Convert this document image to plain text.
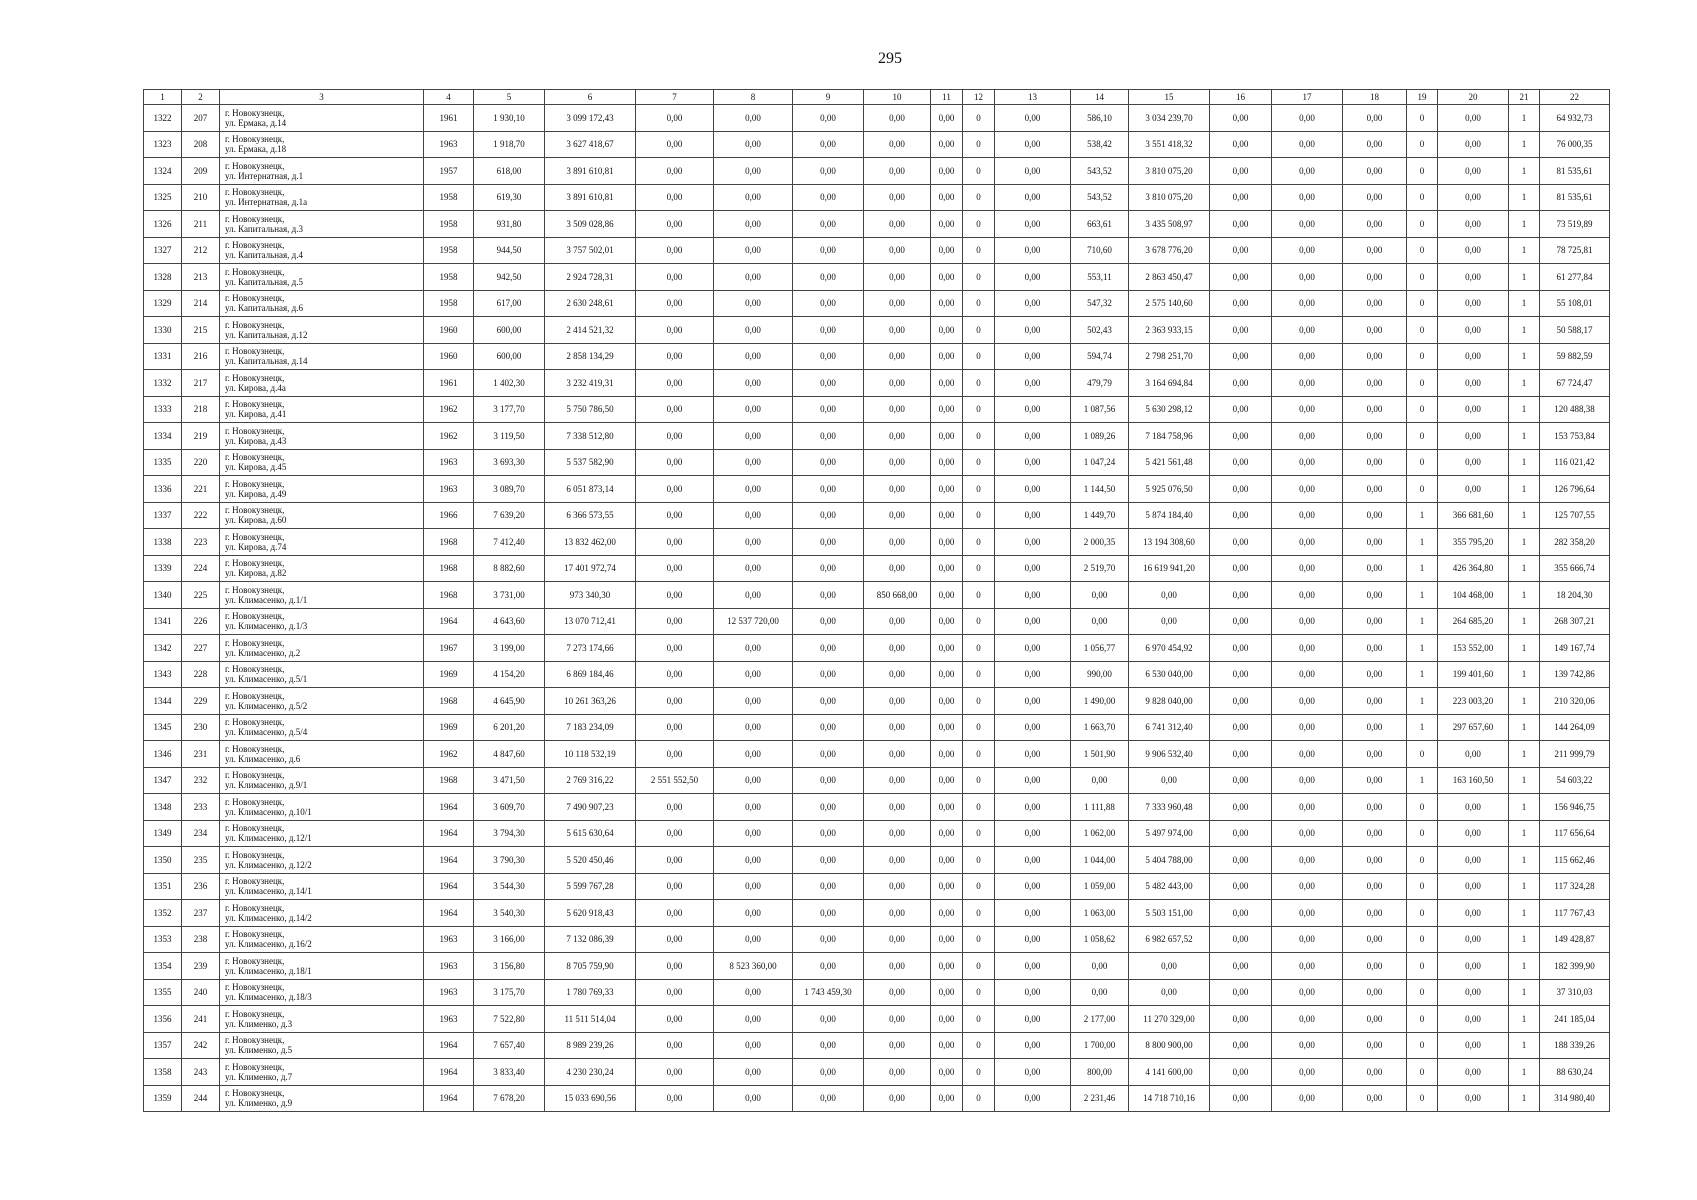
295
1	2	3	4	5	6	7	8	9	10	11	12	13	14	15	16	17	18	19	20	21	22
1322	207	г. Новокузнецк,
ул. Ермака, д.14	1961	1 930,10	3 099 172,43	0,00	0,00	0,00	0,00	0,00	0	0,00	586,10	3 034 239,70	0,00	0,00	0,00	0	0,00	1	64 932,73
1323	208	г. Новокузнецк,
ул. Ермака, д.18	1963	1 918,70	3 627 418,67	0,00	0,00	0,00	0,00	0,00	0	0,00	538,42	3 551 418,32	0,00	0,00	0,00	0	0,00	1	76 000,35
1324	209	г. Новокузнецк,
ул. Интернатная, д.1	1957	618,00	3 891 610,81	0,00	0,00	0,00	0,00	0,00	0	0,00	543,52	3 810 075,20	0,00	0,00	0,00	0	0,00	1	81 535,61
1325	210	г. Новокузнецк,
ул. Интернатная, д.1а	1958	619,30	3 891 610,81	0,00	0,00	0,00	0,00	0,00	0	0,00	543,52	3 810 075,20	0,00	0,00	0,00	0	0,00	1	81 535,61
1326	211	г. Новокузнецк,
ул. Капитальная, д.3	1958	931,80	3 509 028,86	0,00	0,00	0,00	0,00	0,00	0	0,00	663,61	3 435 508,97	0,00	0,00	0,00	0	0,00	1	73 519,89
1327	212	г. Новокузнецк,
ул. Капитальная, д.4	1958	944,50	3 757 502,01	0,00	0,00	0,00	0,00	0,00	0	0,00	710,60	3 678 776,20	0,00	0,00	0,00	0	0,00	1	78 725,81
1328	213	г. Новокузнецк,
ул. Капитальная, д.5	1958	942,50	2 924 728,31	0,00	0,00	0,00	0,00	0,00	0	0,00	553,11	2 863 450,47	0,00	0,00	0,00	0	0,00	1	61 277,84
1329	214	г. Новокузнецк,
ул. Капитальная, д.6	1958	617,00	2 630 248,61	0,00	0,00	0,00	0,00	0,00	0	0,00	547,32	2 575 140,60	0,00	0,00	0,00	0	0,00	1	55 108,01
1330	215	г. Новокузнецк,
ул. Капитальная, д.12	1960	600,00	2 414 521,32	0,00	0,00	0,00	0,00	0,00	0	0,00	502,43	2 363 933,15	0,00	0,00	0,00	0	0,00	1	50 588,17
1331	216	г. Новокузнецк,
ул. Капитальная, д.14	1960	600,00	2 858 134,29	0,00	0,00	0,00	0,00	0,00	0	0,00	594,74	2 798 251,70	0,00	0,00	0,00	0	0,00	1	59 882,59
1332	217	г. Новокузнецк,
ул. Кирова, д.4а	1961	1 402,30	3 232 419,31	0,00	0,00	0,00	0,00	0,00	0	0,00	479,79	3 164 694,84	0,00	0,00	0,00	0	0,00	1	67 724,47
1333	218	г. Новокузнецк,
ул. Кирова, д.41	1962	3 177,70	5 750 786,50	0,00	0,00	0,00	0,00	0,00	0	0,00	1 087,56	5 630 298,12	0,00	0,00	0,00	0	0,00	1	120 488,38
1334	219	г. Новокузнецк,
ул. Кирова, д.43	1962	3 119,50	7 338 512,80	0,00	0,00	0,00	0,00	0,00	0	0,00	1 089,26	7 184 758,96	0,00	0,00	0,00	0	0,00	1	153 753,84
1335	220	г. Новокузнецк,
ул. Кирова, д.45	1963	3 693,30	5 537 582,90	0,00	0,00	0,00	0,00	0,00	0	0,00	1 047,24	5 421 561,48	0,00	0,00	0,00	0	0,00	1	116 021,42
1336	221	г. Новокузнецк,
ул. Кирова, д.49	1963	3 089,70	6 051 873,14	0,00	0,00	0,00	0,00	0,00	0	0,00	1 144,50	5 925 076,50	0,00	0,00	0,00	0	0,00	1	126 796,64
1337	222	г. Новокузнецк,
ул. Кирова, д.60	1966	7 639,20	6 366 573,55	0,00	0,00	0,00	0,00	0,00	0	0,00	1 449,70	5 874 184,40	0,00	0,00	0,00	1	366 681,60	1	125 707,55
1338	223	г. Новокузнецк,
ул. Кирова, д.74	1968	7 412,40	13 832 462,00	0,00	0,00	0,00	0,00	0,00	0	0,00	2 000,35	13 194 308,60	0,00	0,00	0,00	1	355 795,20	1	282 358,20
1339	224	г. Новокузнецк,
ул. Кирова, д.82	1968	8 882,60	17 401 972,74	0,00	0,00	0,00	0,00	0,00	0	0,00	2 519,70	16 619 941,20	0,00	0,00	0,00	1	426 364,80	1	355 666,74
1340	225	г. Новокузнецк,
ул. Климасенко, д.1/1	1968	3 731,00	973 340,30	0,00	0,00	0,00	850 668,00	0,00	0	0,00	0,00	0,00	0,00	0,00	0,00	1	104 468,00	1	18 204,30
1341	226	г. Новокузнецк,
ул. Климасенко, д.1/3	1964	4 643,60	13 070 712,41	0,00	12 537 720,00	0,00	0,00	0,00	0	0,00	0,00	0,00	0,00	0,00	0,00	1	264 685,20	1	268 307,21
1342	227	г. Новокузнецк,
ул. Климасенко, д.2	1967	3 199,00	7 273 174,66	0,00	0,00	0,00	0,00	0,00	0	0,00	1 056,77	6 970 454,92	0,00	0,00	0,00	1	153 552,00	1	149 167,74
1343	228	г. Новокузнецк,
ул. Климасенко, д.5/1	1969	4 154,20	6 869 184,46	0,00	0,00	0,00	0,00	0,00	0	0,00	990,00	6 530 040,00	0,00	0,00	0,00	1	199 401,60	1	139 742,86
1344	229	г. Новокузнецк,
ул. Климасенко, д.5/2	1968	4 645,90	10 261 363,26	0,00	0,00	0,00	0,00	0,00	0	0,00	1 490,00	9 828 040,00	0,00	0,00	0,00	1	223 003,20	1	210 320,06
1345	230	г. Новокузнецк,
ул. Климасенко, д.5/4	1969	6 201,20	7 183 234,09	0,00	0,00	0,00	0,00	0,00	0	0,00	1 663,70	6 741 312,40	0,00	0,00	0,00	1	297 657,60	1	144 264,09
1346	231	г. Новокузнецк,
ул. Климасенко, д.6	1962	4 847,60	10 118 532,19	0,00	0,00	0,00	0,00	0,00	0	0,00	1 501,90	9 906 532,40	0,00	0,00	0,00	0	0,00	1	211 999,79
1347	232	г. Новокузнецк,
ул. Климасенко, д.9/1	1968	3 471,50	2 769 316,22	2 551 552,50	0,00	0,00	0,00	0,00	0	0,00	0,00	0,00	0,00	0,00	0,00	1	163 160,50	1	54 603,22
1348	233	г. Новокузнецк,
ул. Климасенко, д.10/1	1964	3 609,70	7 490 907,23	0,00	0,00	0,00	0,00	0,00	0	0,00	1 111,88	7 333 960,48	0,00	0,00	0,00	0	0,00	1	156 946,75
1349	234	г. Новокузнецк,
ул. Климасенко, д.12/1	1964	3 794,30	5 615 630,64	0,00	0,00	0,00	0,00	0,00	0	0,00	1 062,00	5 497 974,00	0,00	0,00	0,00	0	0,00	1	117 656,64
1350	235	г. Новокузнецк,
ул. Климасенко, д.12/2	1964	3 790,30	5 520 450,46	0,00	0,00	0,00	0,00	0,00	0	0,00	1 044,00	5 404 788,00	0,00	0,00	0,00	0	0,00	1	115 662,46
1351	236	г. Новокузнецк,
ул. Климасенко, д.14/1	1964	3 544,30	5 599 767,28	0,00	0,00	0,00	0,00	0,00	0	0,00	1 059,00	5 482 443,00	0,00	0,00	0,00	0	0,00	1	117 324,28
1352	237	г. Новокузнецк,
ул. Климасенко, д.14/2	1964	3 540,30	5 620 918,43	0,00	0,00	0,00	0,00	0,00	0	0,00	1 063,00	5 503 151,00	0,00	0,00	0,00	0	0,00	1	117 767,43
1353	238	г. Новокузнецк,
ул. Климасенко, д.16/2	1963	3 166,00	7 132 086,39	0,00	0,00	0,00	0,00	0,00	0	0,00	1 058,62	6 982 657,52	0,00	0,00	0,00	0	0,00	1	149 428,87
1354	239	г. Новокузнецк,
ул. Климасенко, д.18/1	1963	3 156,80	8 705 759,90	0,00	8 523 360,00	0,00	0,00	0,00	0	0,00	0,00	0,00	0,00	0,00	0,00	0	0,00	1	182 399,90
1355	240	г. Новокузнецк,
ул. Климасенко, д.18/3	1963	3 175,70	1 780 769,33	0,00	0,00	1 743 459,30	0,00	0,00	0	0,00	0,00	0,00	0,00	0,00	0,00	0	0,00	1	37 310,03
1356	241	г. Новокузнецк,
ул. Клименко, д.3	1963	7 522,80	11 511 514,04	0,00	0,00	0,00	0,00	0,00	0	0,00	2 177,00	11 270 329,00	0,00	0,00	0,00	0	0,00	1	241 185,04
1357	242	г. Новокузнецк,
ул. Клименко, д.5	1964	7 657,40	8 989 239,26	0,00	0,00	0,00	0,00	0,00	0	0,00	1 700,00	8 800 900,00	0,00	0,00	0,00	0	0,00	1	188 339,26
1358	243	г. Новокузнецк,
ул. Клименко, д.7	1964	3 833,40	4 230 230,24	0,00	0,00	0,00	0,00	0,00	0	0,00	800,00	4 141 600,00	0,00	0,00	0,00	0	0,00	1	88 630,24
1359	244	г. Новокузнецк,
ул. Клименко, д.9	1964	7 678,20	15 033 690,56	0,00	0,00	0,00	0,00	0,00	0	0,00	2 231,46	14 718 710,16	0,00	0,00	0,00	0	0,00	1	314 980,40
